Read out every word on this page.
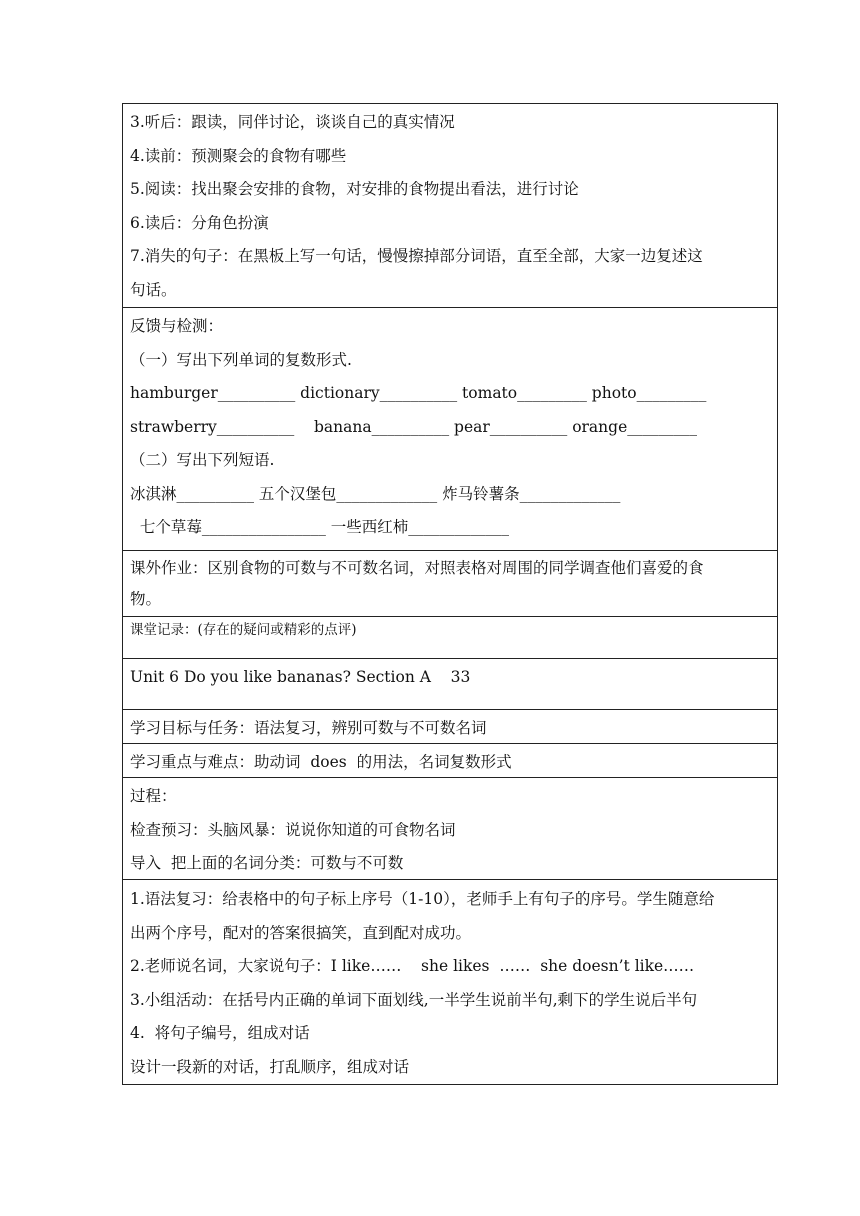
3.听后：跟读，同伴讨论，谈谈自己的真实情况
4.读前：预测聚会的食物有哪些
5.阅读：找出聚会安排的食物，对安排的食物提出看法，进行讨论
6.读后：分角色扮演
7.消失的句子：在黑板上写一句话，慢慢擦掉部分词语，直至全部，大家一边复述这
句话。
反馈与检测：
（一）写出下列单词的复数形式.
hamburger__________ dictionary__________ tomato_________ photo_________
strawberry__________    banana__________ pear__________ orange_________
（二）写出下列短语.
冰淇淋__________ 五个汉堡包_____________ 炸马铃薯条_____________
七个草莓________________ 一些西红柿_____________
课外作业：区别食物的可数与不可数名词，对照表格对周围的同学调查他们喜爱的食
物。
课堂记录：(存在的疑问或精彩的点评)
Unit 6 Do you like bananas? Section A    33
学习目标与任务：语法复习，辨别可数与不可数名词
学习重点与难点：助动词  does  的用法，名词复数形式
过程：
检查预习：头脑风暴：说说你知道的可食物名词
导入  把上面的名词分类：可数与不可数
1.语法复习：给表格中的句子标上序号（1-10），老师手上有句子的序号。学生随意给
出两个序号，配对的答案很搞笑，直到配对成功。
2.老师说名词，大家说句子：I like……    she likes  ……  she doesn’t like……
3.小组活动：在括号内正确的单词下面划线,一半学生说前半句,剩下的学生说后半句
4.  将句子编号，组成对话
设计一段新的对话，打乱顺序，组成对话
